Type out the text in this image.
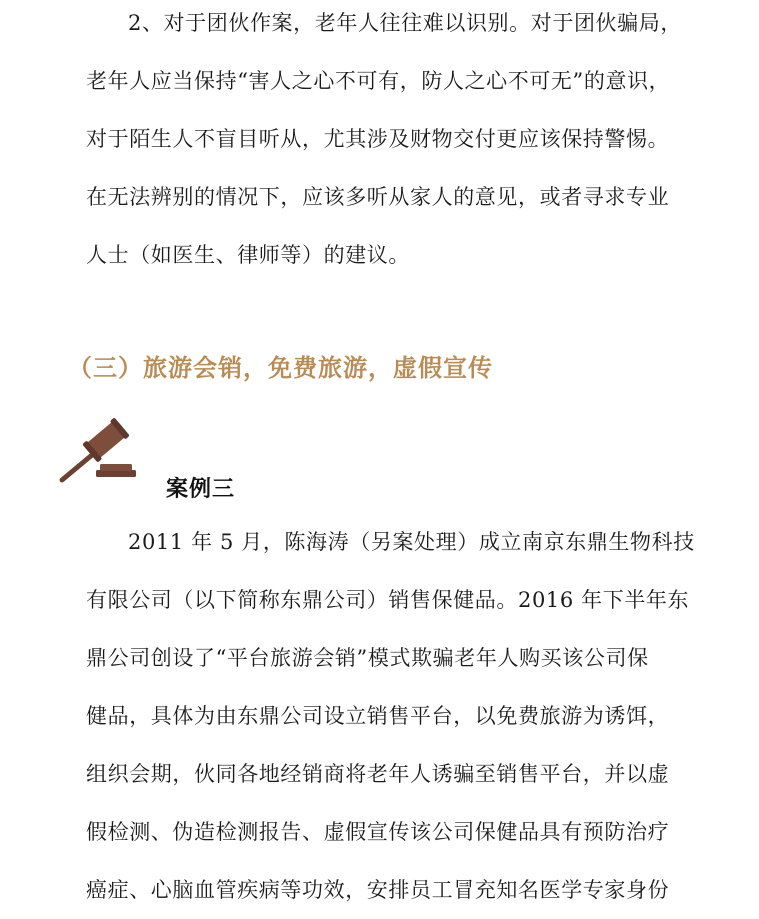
2、对于团伙作案，老年人往往难以识别。对于团伙骗局，
老年人应当保持“害人之心不可有，防人之心不可无”的意识，
对于陌生人不盲目听从，尤其涉及财物交付更应该保持警惕。
在无法辨别的情况下，应该多听从家人的意见，或者寻求专业
人士（如医生、律师等）的建议。
（三）旅游会销，免费旅游，虚假宣传
案例三
2011 年 5 月，陈海涛（另案处理）成立南京东鼎生物科技
有限公司（以下简称东鼎公司）销售保健品。2016 年下半年东
鼎公司创设了“平台旅游会销”模式欺骗老年人购买该公司保
健品，具体为由东鼎公司设立销售平台，以免费旅游为诱饵，
组织会期，伙同各地经销商将老年人诱骗至销售平台，并以虚
假检测、伪造检测报告、虚假宣传该公司保健品具有预防治疗
癌症、心脑血管疾病等功效，安排员工冒充知名医学专家身份
